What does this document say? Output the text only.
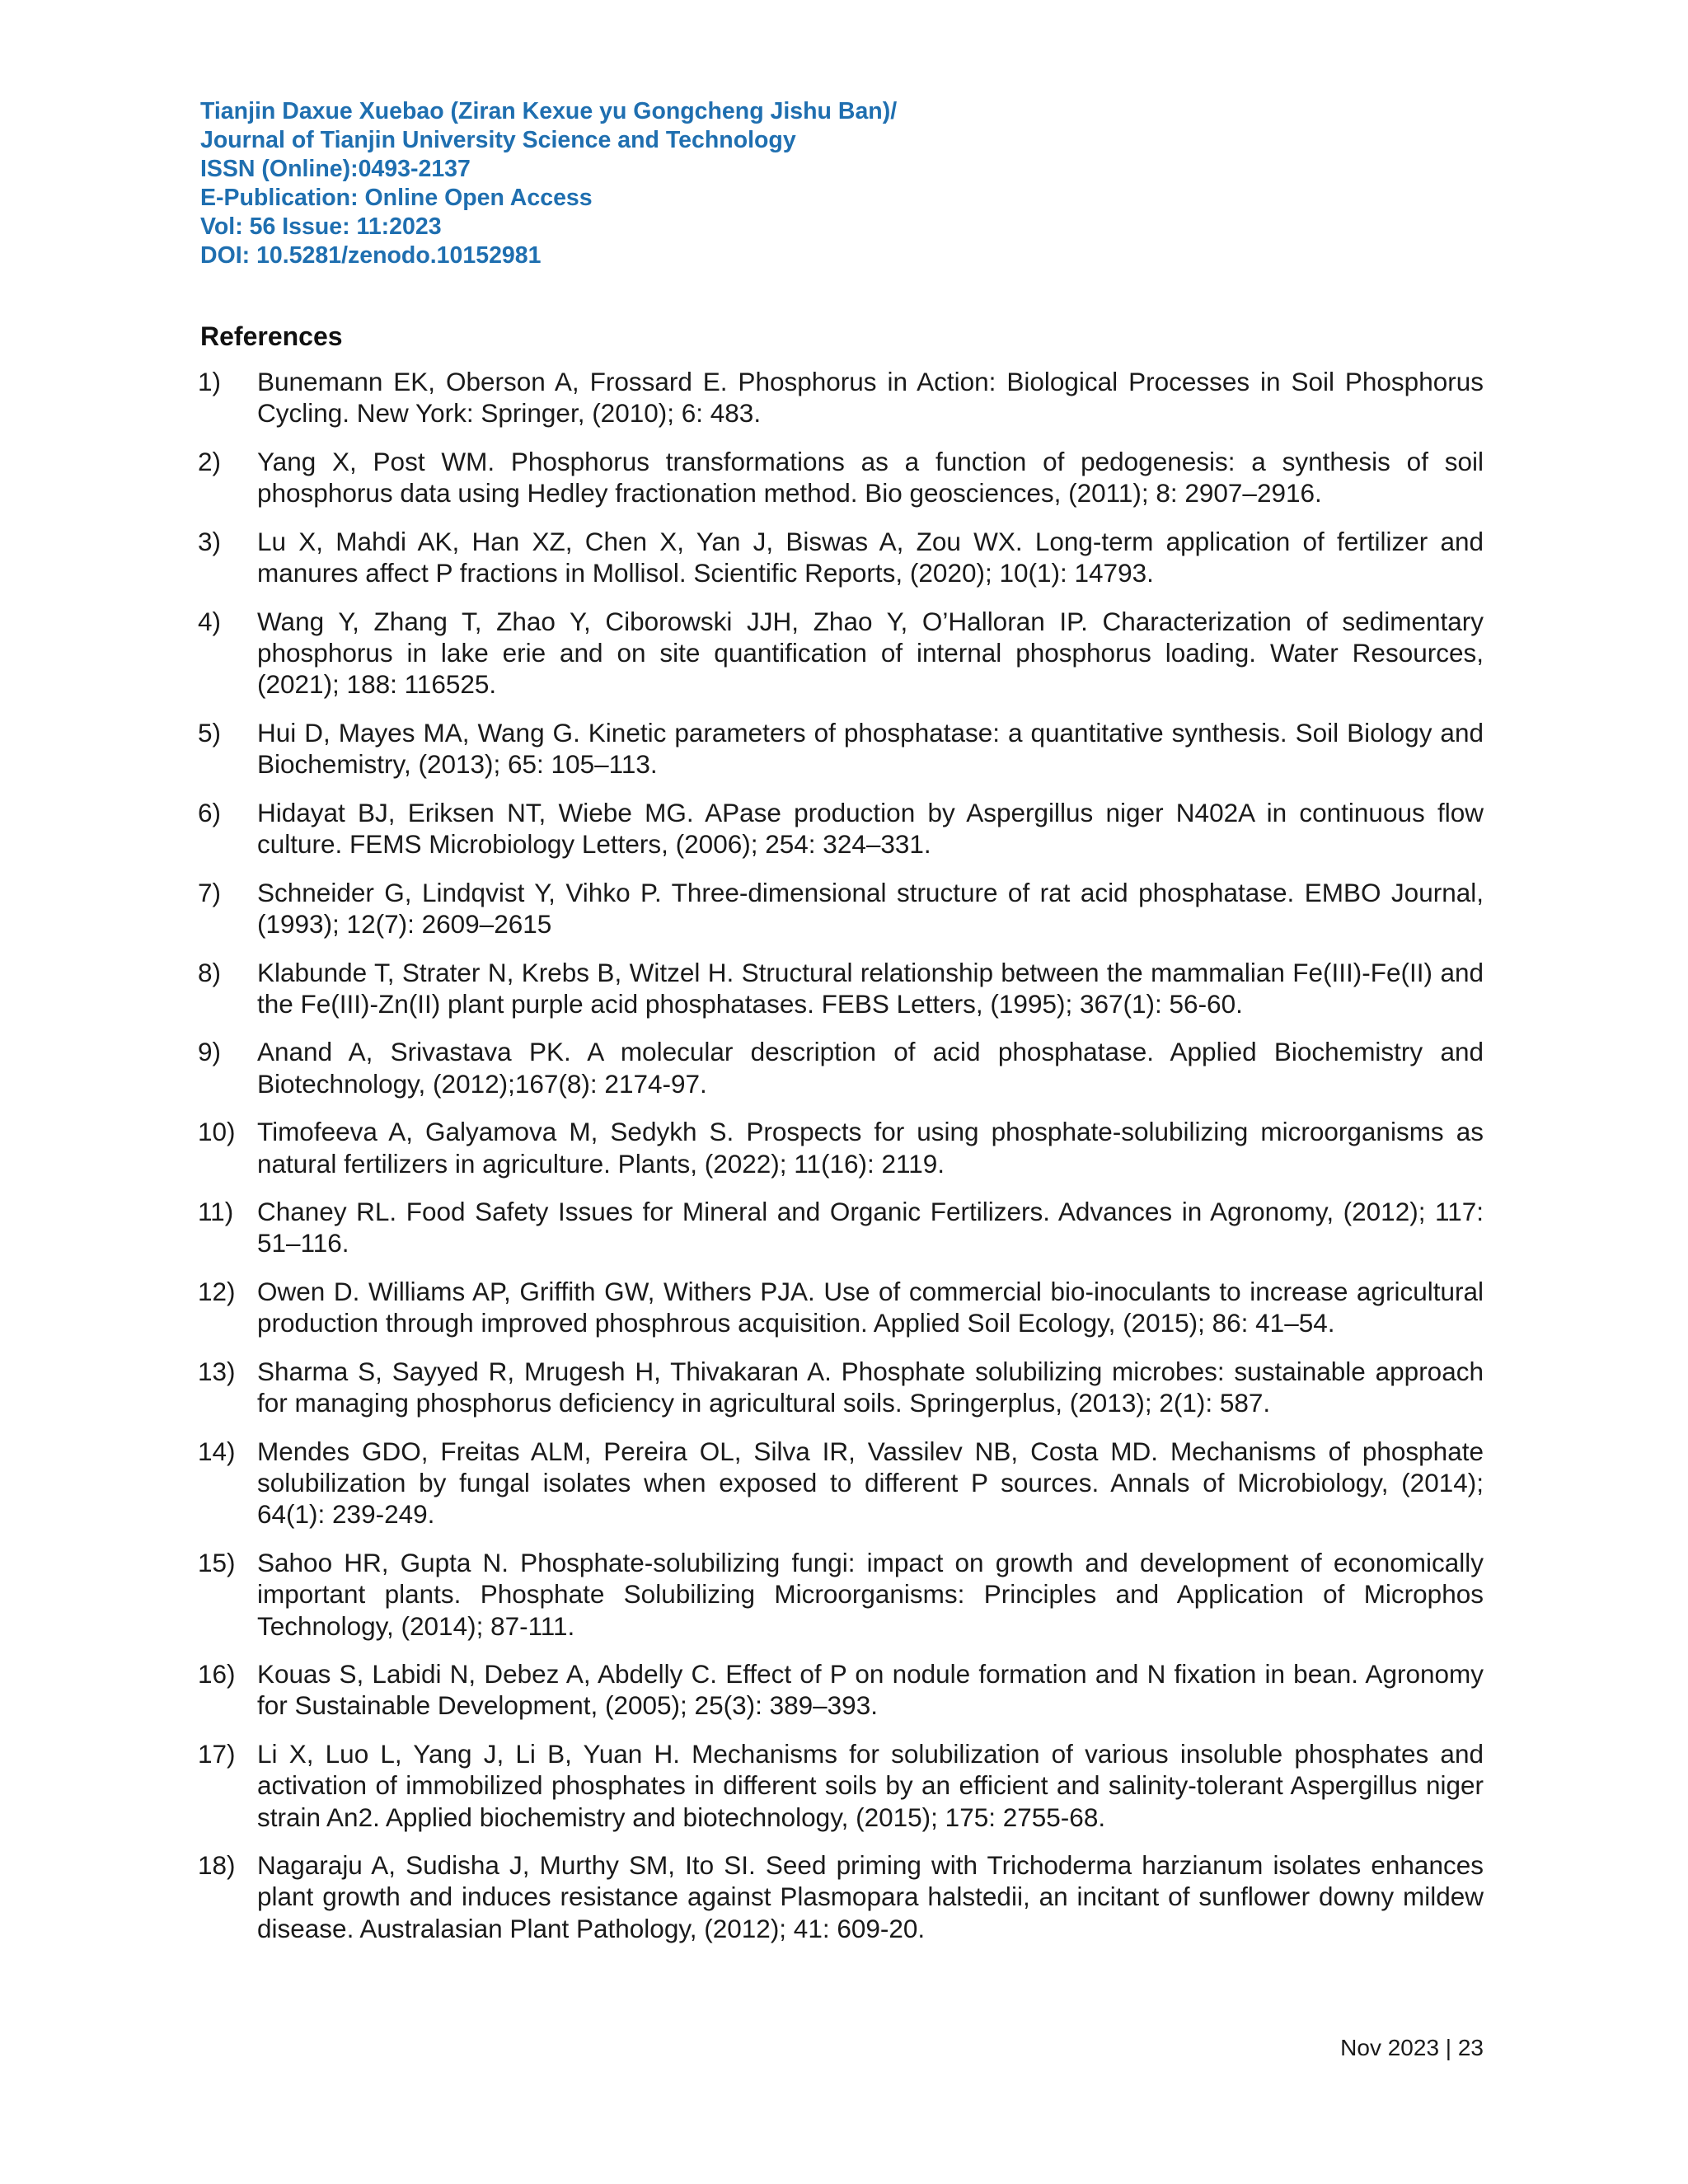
Tianjin Daxue Xuebao (Ziran Kexue yu Gongcheng Jishu Ban)/
Journal of Tianjin University Science and Technology
ISSN (Online):0493-2137
E-Publication: Online Open Access
Vol: 56 Issue: 11:2023
DOI: 10.5281/zenodo.10152981
References
1) Bunemann EK, Oberson A, Frossard E. Phosphorus in Action: Biological Processes in Soil Phosphorus Cycling. New York: Springer, (2010); 6: 483.
2) Yang X, Post WM. Phosphorus transformations as a function of pedogenesis: a synthesis of soil phosphorus data using Hedley fractionation method. Bio geosciences, (2011); 8: 2907–2916.
3) Lu X, Mahdi AK, Han XZ, Chen X, Yan J, Biswas A, Zou WX. Long-term application of fertilizer and manures affect P fractions in Mollisol. Scientific Reports, (2020); 10(1): 14793.
4) Wang Y, Zhang T, Zhao Y, Ciborowski JJH, Zhao Y, O’Halloran IP. Characterization of sedimentary phosphorus in lake erie and on site quantification of internal phosphorus loading. Water Resources, (2021); 188: 116525.
5) Hui D, Mayes MA, Wang G. Kinetic parameters of phosphatase: a quantitative synthesis. Soil Biology and Biochemistry, (2013); 65: 105–113.
6) Hidayat BJ, Eriksen NT, Wiebe MG. APase production by Aspergillus niger N402A in continuous flow culture. FEMS Microbiology Letters, (2006); 254: 324–331.
7) Schneider G, Lindqvist Y, Vihko P. Three-dimensional structure of rat acid phosphatase. EMBO Journal, (1993); 12(7): 2609–2615
8) Klabunde T, Strater N, Krebs B, Witzel H. Structural relationship between the mammalian Fe(III)-Fe(II) and the Fe(III)-Zn(II) plant purple acid phosphatases. FEBS Letters, (1995); 367(1): 56-60.
9) Anand A, Srivastava PK. A molecular description of acid phosphatase. Applied Biochemistry and Biotechnology, (2012);167(8): 2174-97.
10) Timofeeva A, Galyamova M, Sedykh S. Prospects for using phosphate-solubilizing microorganisms as natural fertilizers in agriculture. Plants, (2022); 11(16): 2119.
11) Chaney RL. Food Safety Issues for Mineral and Organic Fertilizers. Advances in Agronomy, (2012); 117: 51–116.
12) Owen D. Williams AP, Griffith GW, Withers PJA. Use of commercial bio-inoculants to increase agricultural production through improved phosphrous acquisition. Applied Soil Ecology, (2015); 86: 41–54.
13) Sharma S, Sayyed R, Mrugesh H, Thivakaran A. Phosphate solubilizing microbes: sustainable approach for managing phosphorus deficiency in agricultural soils. Springerplus, (2013); 2(1): 587.
14) Mendes GDO, Freitas ALM, Pereira OL, Silva IR, Vassilev NB, Costa MD. Mechanisms of phosphate solubilization by fungal isolates when exposed to different P sources. Annals of Microbiology, (2014); 64(1): 239-249.
15) Sahoo HR, Gupta N. Phosphate-solubilizing fungi: impact on growth and development of economically important plants. Phosphate Solubilizing Microorganisms: Principles and Application of Microphos Technology, (2014); 87-111.
16) Kouas S, Labidi N, Debez A, Abdelly C. Effect of P on nodule formation and N fixation in bean. Agronomy for Sustainable Development, (2005); 25(3): 389–393.
17) Li X, Luo L, Yang J, Li B, Yuan H. Mechanisms for solubilization of various insoluble phosphates and activation of immobilized phosphates in different soils by an efficient and salinity-tolerant Aspergillus niger strain An2. Applied biochemistry and biotechnology, (2015); 175: 2755-68.
18) Nagaraju A, Sudisha J, Murthy SM, Ito SI. Seed priming with Trichoderma harzianum isolates enhances plant growth and induces resistance against Plasmopara halstedii, an incitant of sunflower downy mildew disease. Australasian Plant Pathology, (2012); 41: 609-20.
Nov 2023 | 23
